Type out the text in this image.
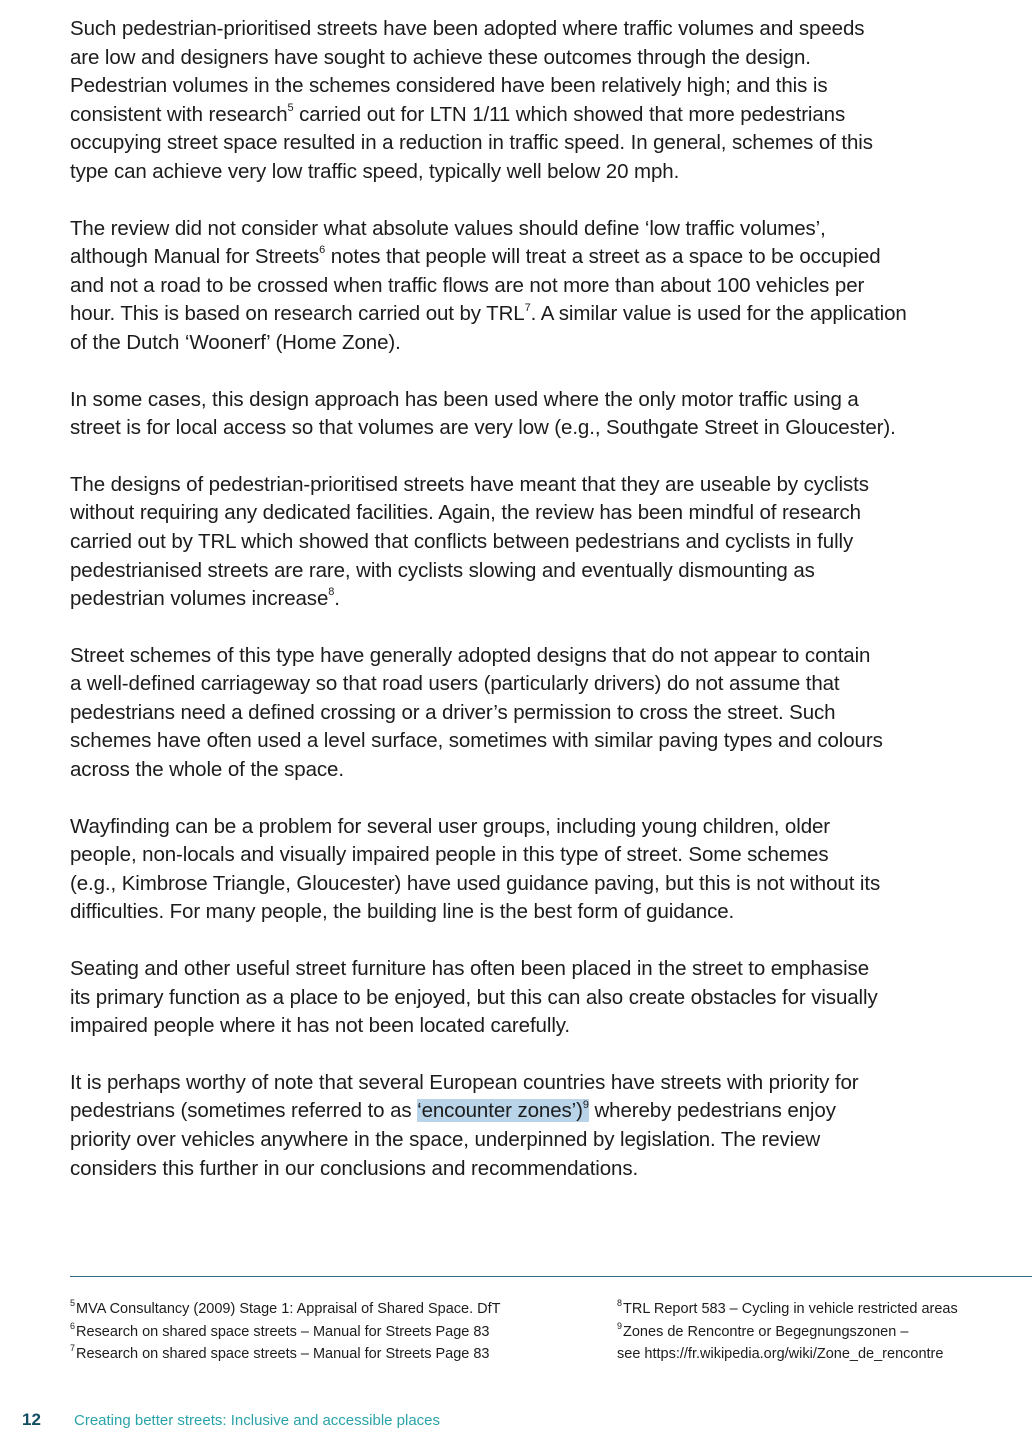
Such pedestrian-prioritised streets have been adopted where traffic volumes and speeds
are low and designers have sought to achieve these outcomes through the design.
Pedestrian volumes in the schemes considered have been relatively high; and this is
consistent with research$^5$ carried out for LTN 1/11 which showed that more pedestrians
occupying street space resulted in a reduction in traffic speed. In general, schemes of this
type can achieve very low traffic speed, typically well below 20 mph.

The review did not consider what absolute values should define ‘low traffic volumes’,
although Manual for Streets$^6$ notes that people will treat a street as a space to be occupied
and not a road to be crossed when traffic flows are not more than about 100 vehicles per
hour. This is based on research carried out by TRL$^7$. A similar value is used for the application
of the Dutch ‘Woonerf’ (Home Zone).

In some cases, this design approach has been used where the only motor traffic using a
street is for local access so that volumes are very low (e.g., Southgate Street in Gloucester).

The designs of pedestrian-prioritised streets have meant that they are useable by cyclists
without requiring any dedicated facilities. Again, the review has been mindful of research
carried out by TRL which showed that conflicts between pedestrians and cyclists in fully
pedestrianised streets are rare, with cyclists slowing and eventually dismounting as
pedestrian volumes increase$^8$.

Street schemes of this type have generally adopted designs that do not appear to contain
a well-defined carriageway so that road users (particularly drivers) do not assume that
pedestrians need a defined crossing or a driver’s permission to cross the street. Such
schemes have often used a level surface, sometimes with similar paving types and colours
across the whole of the space.

Wayfinding can be a problem for several user groups, including young children, older
people, non-locals and visually impaired people in this type of street. Some schemes
(e.g., Kimbrose Triangle, Gloucester) have used guidance paving, but this is not without its
difficulties. For many people, the building line is the best form of guidance.

Seating and other useful street furniture has often been placed in the street to emphasise
its primary function as a place to be enjoyed, but this can also create obstacles for visually
impaired people where it has not been located carefully.

It is perhaps worthy of note that several European countries have streets with priority for
pedestrians (sometimes referred to as ‘encounter zones’)$^9$ whereby pedestrians enjoy
priority over vehicles anywhere in the space, underpinned by legislation. The review
considers this further in our conclusions and recommendations.

$^5$MVA Consultancy (2009) Stage 1: Appraisal of Shared Space. DfT
$^6$Research on shared space streets – Manual for Streets Page 83
$^7$Research on shared space streets – Manual for Streets Page 83
$^8$TRL Report 583 – Cycling in vehicle restricted areas
$^9$Zones de Rencontre or Begegnungszonen –
see https://fr.wikipedia.org/wiki/Zone_de_rencontre
12	Creating better streets: Inclusive and accessible places
